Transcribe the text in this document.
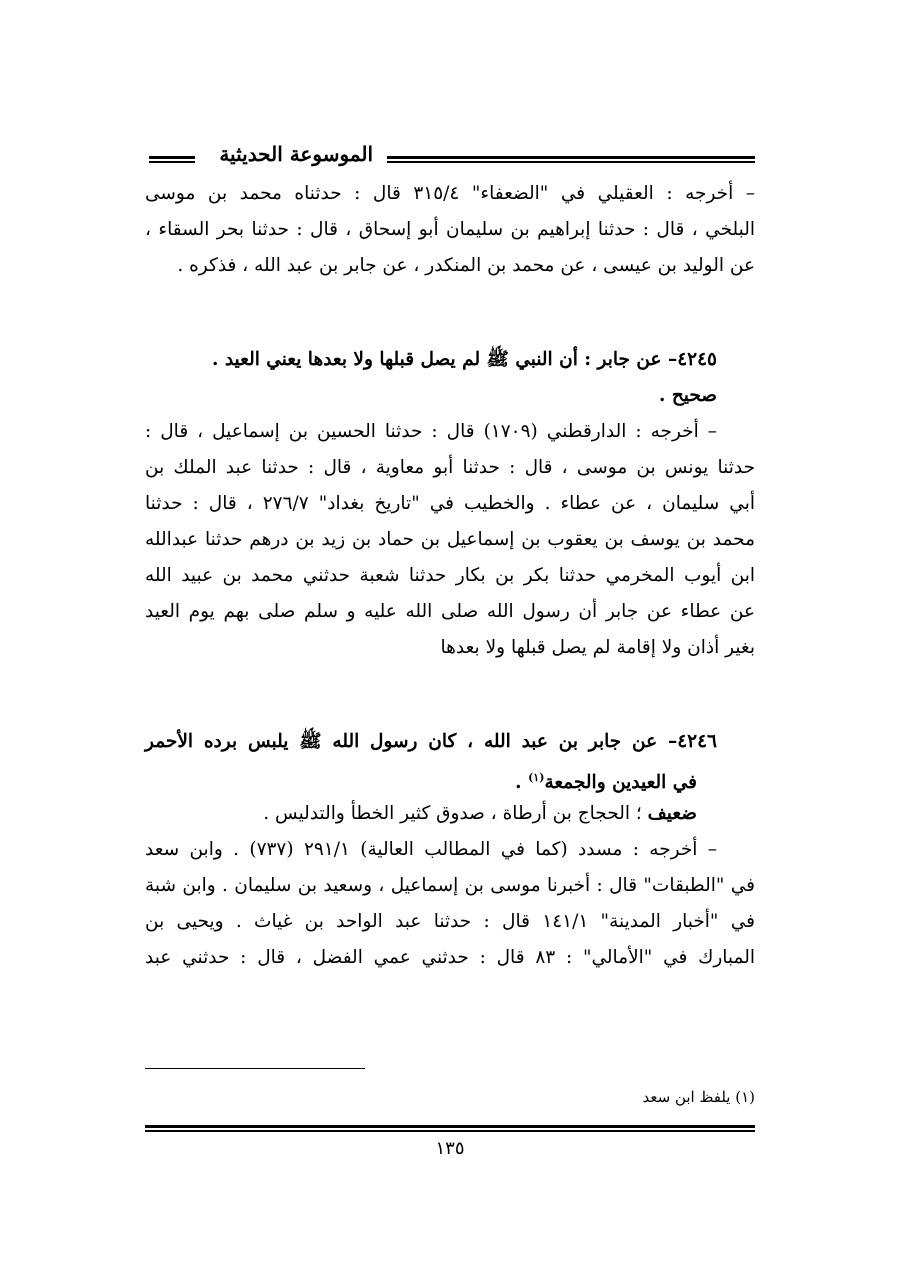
الموسوعة الحديثية
– أخرجه : العقيلي في "الضعفاء" ٣١٥/٤ قال : حدثناه محمد بن موسى
البلخي ، قال : حدثنا إبراهيم بن سليمان أبو إسحاق ، قال : حدثنا بحر السقاء ،
عن الوليد بن عيسى ، عن محمد بن المنكدر ، عن جابر بن عبد الله ، فذكره .
٤٢٤٥– عن جابر : أن النبي ﷺ لم يصل قبلها ولا بعدها يعني العيد .
صحيح .
– أخرجه : الدارقطني (١٧٠٩) قال : حدثنا الحسين بن إسماعيل ، قال :
حدثنا يونس بن موسى ، قال : حدثنا أبو معاوية ، قال : حدثنا عبد الملك بن
أبي سليمان ، عن عطاء . والخطيب في "تاريخ بغداد" ٢٧٦/٧ ، قال : حدثنا
محمد بن يوسف بن يعقوب بن إسماعيل بن حماد بن زيد بن درهم حدثنا عبدالله
ابن أيوب المخرمي حدثنا بكر بن بكار حدثنا شعبة حدثني محمد بن عبيد الله
عن عطاء عن جابر أن رسول الله صلى الله عليه و سلم صلى بهم يوم العيد
بغير أذان ولا إقامة لم يصل قبلها ولا بعدها
٤٢٤٦– عن جابر بن عبد الله ، كان رسول الله ﷺ يلبس برده الأحمر
في العيدين والجمعة$^{(١)}$ .
ضعيف ؛ الحجاج بن أرطاة ، صدوق كثير الخطأ والتدليس .
– أخرجه : مسدد (كما في المطالب العالية) ٢٩١/١ (٧٣٧) . وابن سعد
في "الطبقات" قال : أخبرنا موسى بن إسماعيل ، وسعيد بن سليمان . وابن شبة
في "أخبار المدينة" ١٤١/١ قال : حدثنا عبد الواحد بن غياث . ويحيى بن
المبارك في "الأمالي" : ٨٣ قال : حدثني عمي الفضل ، قال : حدثني عبد
(١) يلفظ ابن سعد
١٣٥
